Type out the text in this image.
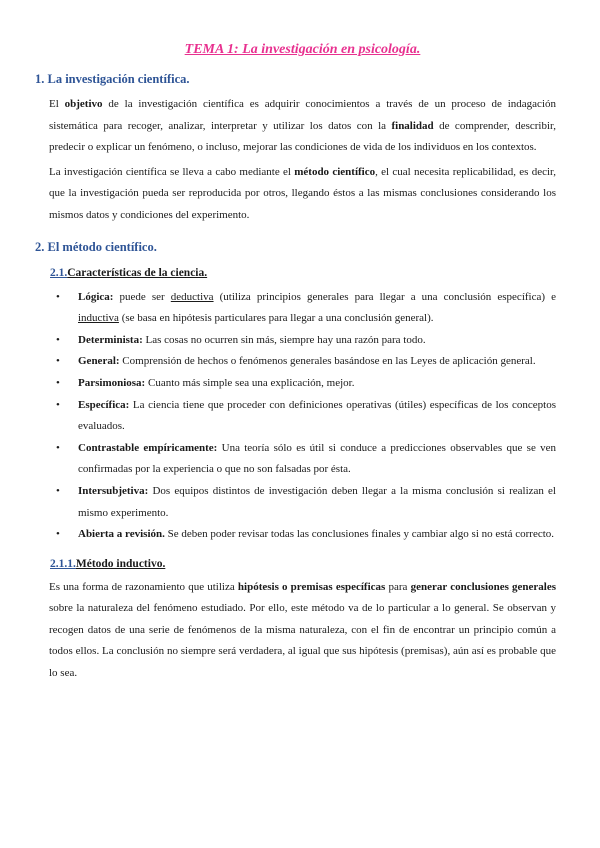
TEMA 1: La investigación en psicología.
1. La investigación científica.

El objetivo de la investigación científica es adquirir conocimientos a través de un proceso de indagación sistemática para recoger, analizar, interpretar y utilizar los datos con la finalidad de comprender, describir, predecir o explicar un fenómeno, o incluso, mejorar las condiciones de vida de los individuos en los contextos.

La investigación científica se lleva a cabo mediante el método científico, el cual necesita replicabilidad, es decir, que la investigación pueda ser reproducida por otros, llegando éstos a las mismas conclusiones considerando los mismos datos y condiciones del experimento.

2. El método científico.
2.1.Características de la ciencia.
• Lógica: puede ser deductiva (utiliza principios generales para llegar a una conclusión específica) e inductiva (se basa en hipótesis particulares para llegar a una conclusión general).
• Determinista: Las cosas no ocurren sin más, siempre hay una razón para todo.
• General: Comprensión de hechos o fenómenos generales basándose en las Leyes de aplicación general.
• Parsimoniosa: Cuanto más simple sea una explicación, mejor.
• Específica: La ciencia tiene que proceder con definiciones operativas (útiles) específicas de los conceptos evaluados.
• Contrastable empíricamente: Una teoría sólo es útil si conduce a predicciones observables que se ven confirmadas por la experiencia o que no son falsadas por ésta.
• Intersubjetiva: Dos equipos distintos de investigación deben llegar a la misma conclusión si realizan el mismo experimento.
• Abierta a revisión. Se deben poder revisar todas las conclusiones finales y cambiar algo si no está correcto.
2.1.1.Método inductivo.

Es una forma de razonamiento que utiliza hipótesis o premisas específicas para generar conclusiones generales sobre la naturaleza del fenómeno estudiado. Por ello, este método va de lo particular a lo general. Se observan y recogen datos de una serie de fenómenos de la misma naturaleza, con el fin de encontrar un principio común a todos ellos. La conclusión no siempre será verdadera, al igual que sus hipótesis (premisas), aún así es probable que lo sea.
